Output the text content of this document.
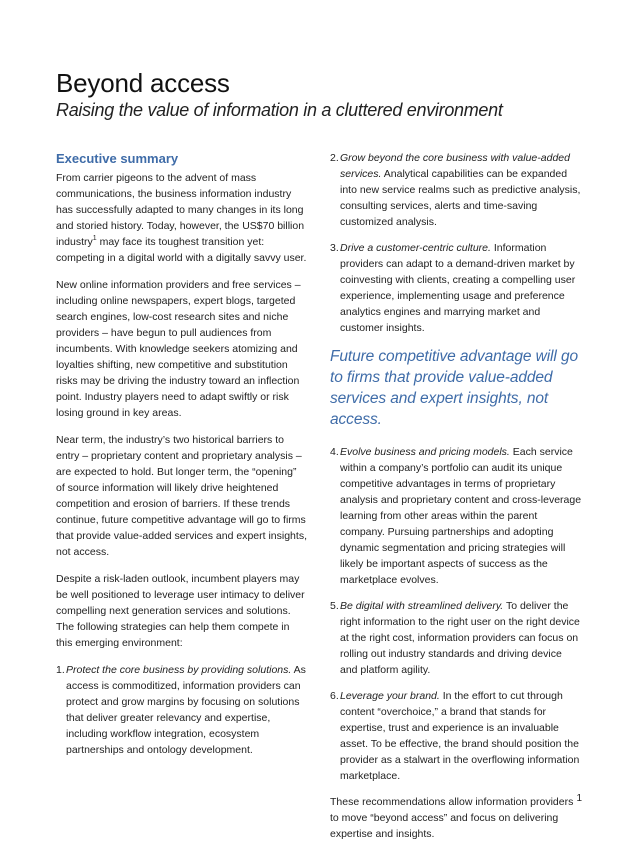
Beyond access
Raising the value of information in a cluttered environment
Executive summary

From carrier pigeons to the advent of mass communications, the business information industry has successfully adapted to many changes in its long and storied history. Today, however, the US$70 billion industry$^1$ may face its toughest transition yet: competing in a digital world with a digitally savvy user.

New online information providers and free services – including online newspapers, expert blogs, targeted search engines, low-cost research sites and niche providers – have begun to pull audiences from incumbents. With knowledge seekers atomizing and loyalties shifting, new competitive and substitution risks may be driving the industry toward an inflection point. Industry players need to adapt swiftly or risk losing ground in key areas.

Near term, the industry’s two historical barriers to entry – proprietary content and proprietary analysis – are expected to hold. But longer term, the “opening” of source information will likely drive heightened competition and erosion of barriers. If these trends continue, future competitive advantage will go to firms that provide value-added services and expert insights, not access.

Despite a risk-laden outlook, incumbent players may be well positioned to leverage user intimacy to deliver compelling next generation services and solutions. The following strategies can help them compete in this emerging environment:

1. Protect the core business by providing solutions. As access is commoditized, information providers can protect and grow margins by focusing on solutions that deliver greater relevancy and expertise, including workflow integration, ecosystem partnerships and ontology development.
2. Grow beyond the core business with value-added services. Analytical capabilities can be expanded into new service realms such as predictive analysis, consulting services, alerts and time-saving customized analysis.
3. Drive a customer-centric culture. Information providers can adapt to a demand-driven market by coinvesting with clients, creating a compelling user experience, implementing usage and preference analytics engines and marrying market and customer insights.
Future competitive advantage will go to firms that provide value-added services and expert insights, not access.
4. Evolve business and pricing models. Each service within a company’s portfolio can audit its unique competitive advantages in terms of proprietary analysis and proprietary content and cross-leverage learning from other areas within the parent company. Pursuing partnerships and adopting dynamic segmentation and pricing strategies will likely be important aspects of success as the marketplace evolves.
5. Be digital with streamlined delivery. To deliver the right information to the right user on the right device at the right cost, information providers can focus on rolling out industry standards and driving device and platform agility.
6. Leverage your brand. In the effort to cut through content “overchoice,” a brand that stands for expertise, trust and experience is an invaluable asset. To be effective, the brand should position the provider as a stalwart in the overflowing information marketplace.

These recommendations allow information providers to move “beyond access” and focus on delivering expertise and insights.

1
